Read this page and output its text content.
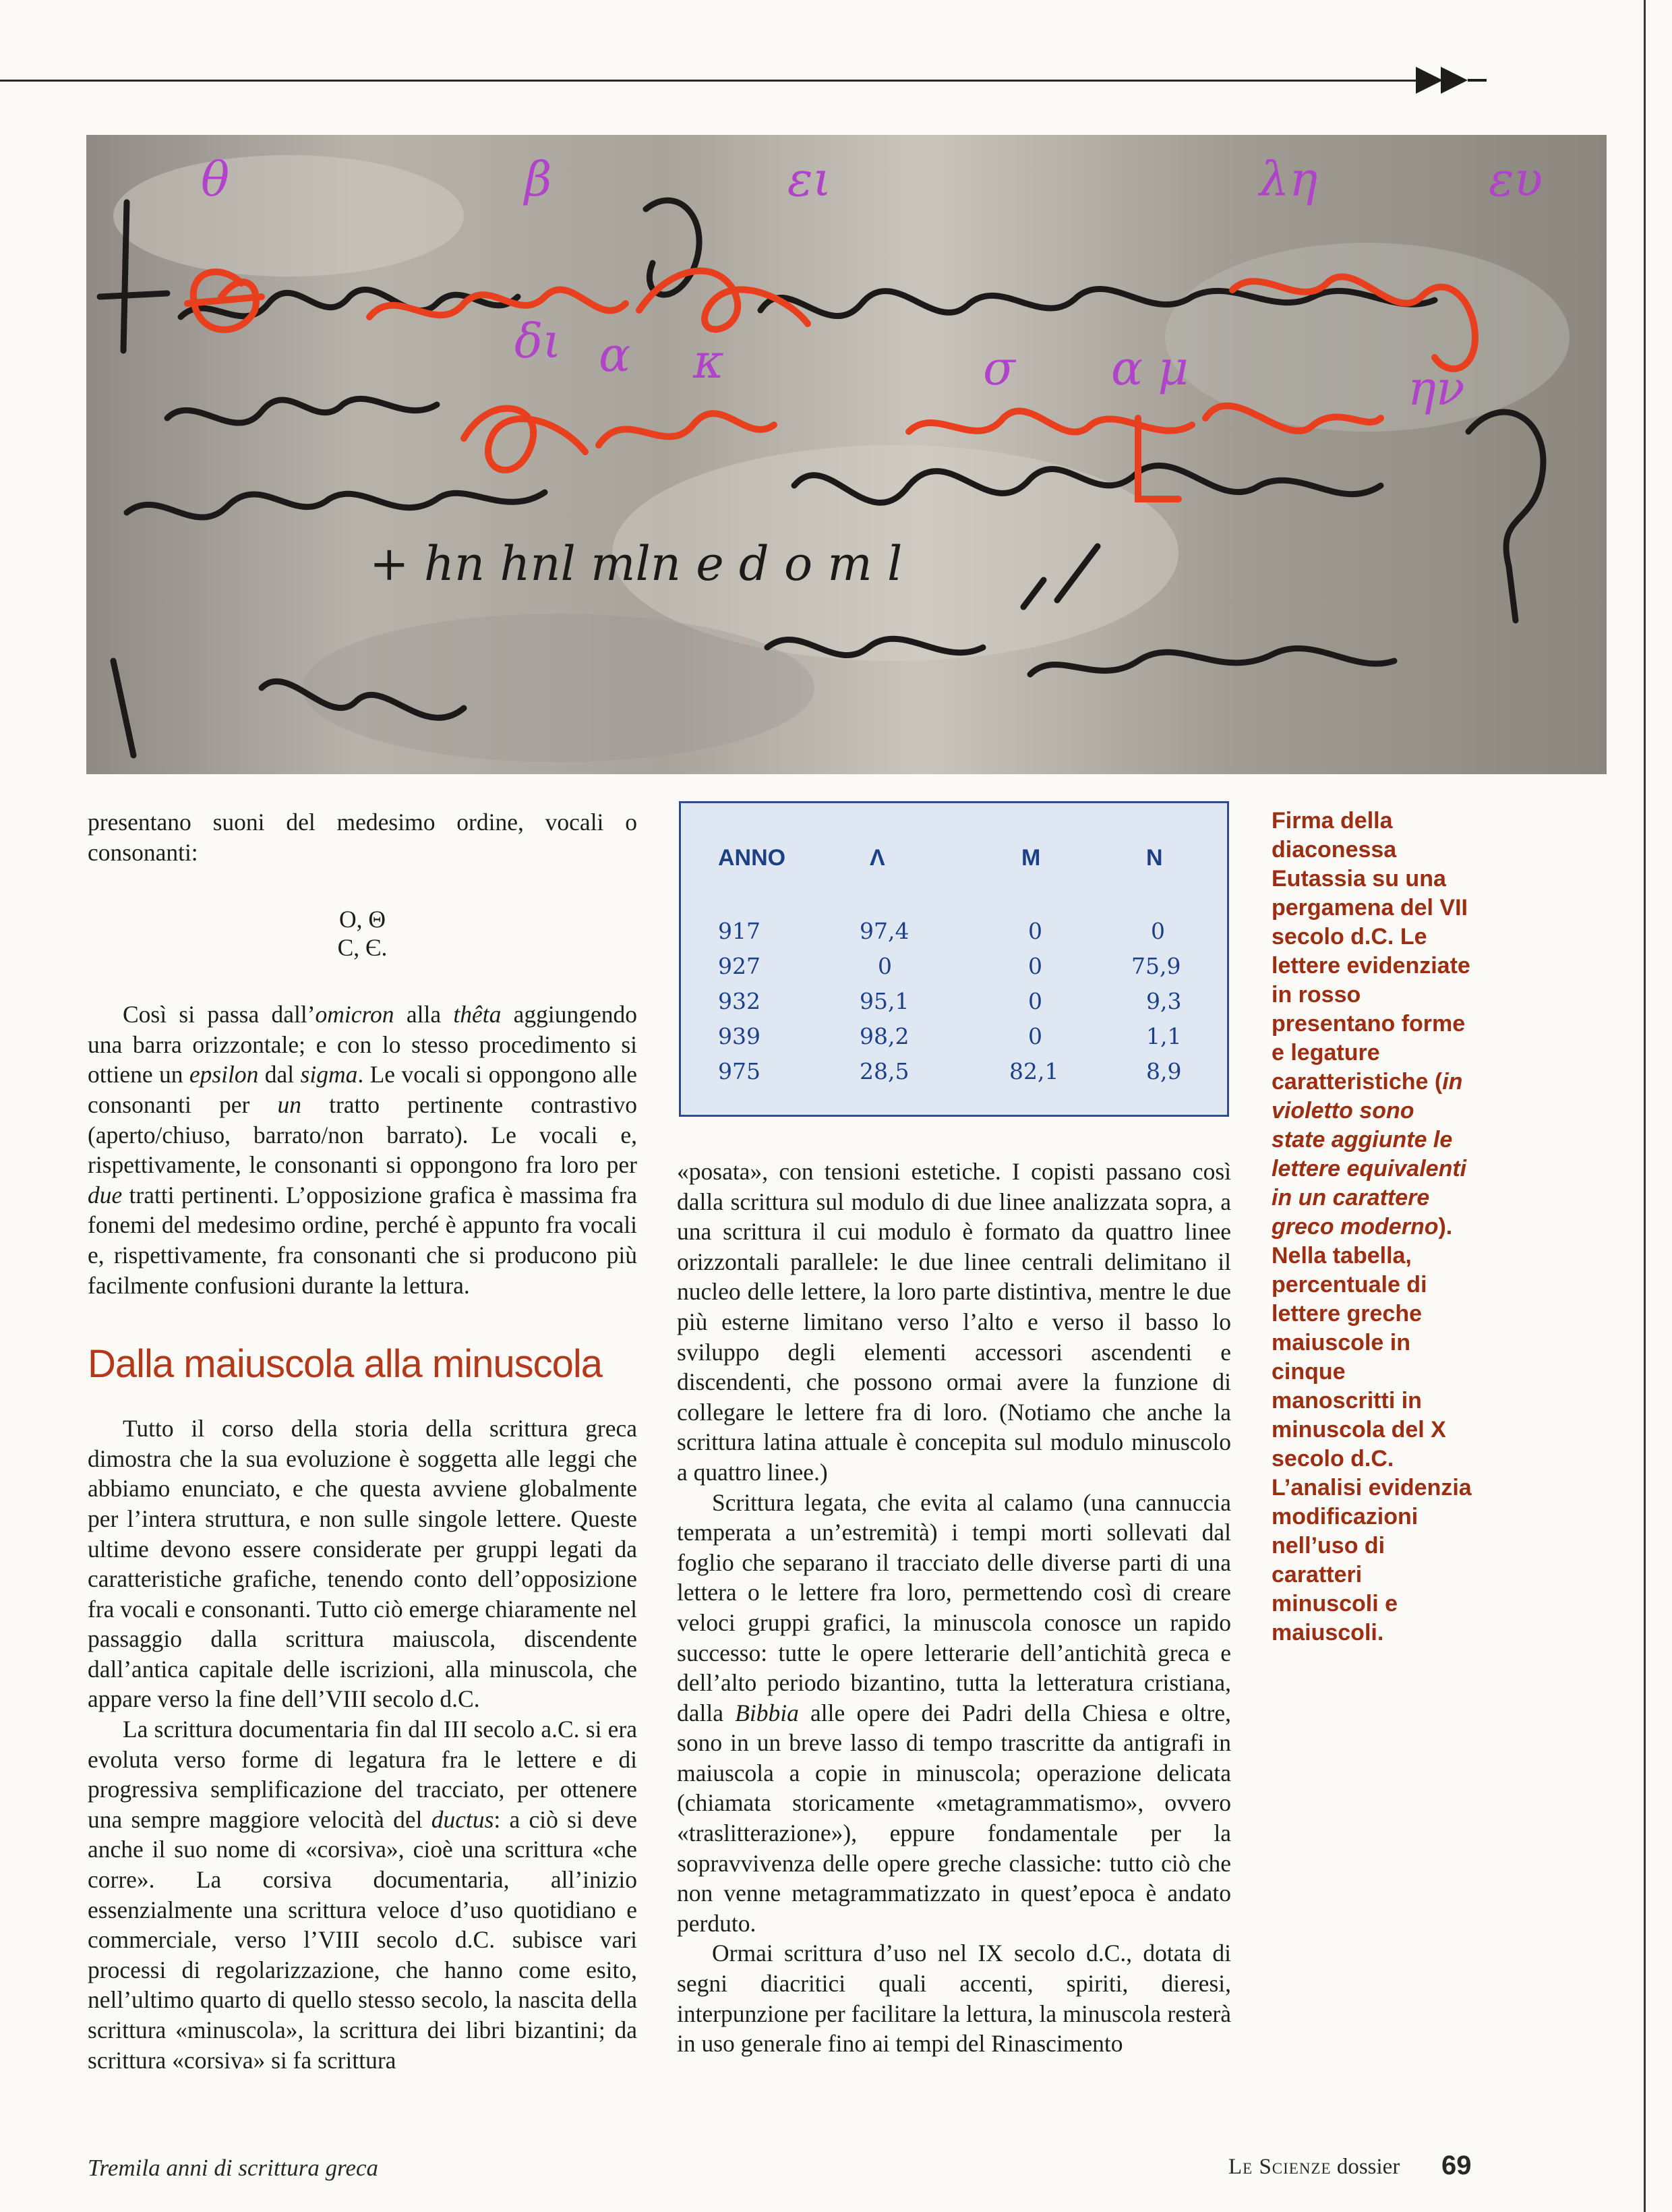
+ hn hnl mln e d o m l
θ	β	ει	λη	ευ
δι α κ	σ α μ	ην

presentano suoni del medesimo ordine, vocali o consonanti:

O, Θ

C, Є.

Così si passa dall’omicron alla thêta aggiungendo una barra orizzontale; e con lo stesso procedimento si ottiene un epsilon dal sigma. Le vocali si oppongono alle consonanti per un tratto pertinente contrastivo (aperto/chiuso, barrato/non barrato). Le vocali e, rispettivamente, le consonanti si oppongono fra loro per due tratti pertinenti. L’opposizione grafica è massima fra fonemi del medesimo ordine, perché è appunto fra vocali e, rispettivamente, fra consonanti che si producono più facilmente confusioni durante la lettura.

Dalla maiuscola alla minuscola

Tutto il corso della storia della scrittura greca dimostra che la sua evoluzione è soggetta alle leggi che abbiamo enunciato, e che questa avviene globalmente per l’intera struttura, e non sulle singole lettere. Queste ultime devono essere considerate per gruppi legati da caratteristiche grafiche, tenendo conto dell’opposizione fra vocali e consonanti. Tutto ciò emerge chiaramente nel passaggio dalla scrittura maiuscola, discendente dall’antica capitale delle iscrizioni, alla minuscola, che appare verso la fine dell’VIII secolo d.C.

La scrittura documentaria fin dal III secolo a.C. si era evoluta verso forme di legatura fra le lettere e di progressiva semplificazione del tracciato, per ottenere una sempre maggiore velocità del ductus: a ciò si deve anche il suo nome di «corsiva», cioè una scrittura «che corre». La corsiva documentaria, all’inizio essenzialmente una scrittura veloce d’uso quotidiano e commerciale, verso l’VIII secolo d.C. subisce vari processi di regolarizzazione, che hanno come esito, nell’ultimo quarto di quello stesso secolo, la nascita della scrittura «minuscola», la scrittura dei libri bizantini; da scrittura «corsiva» si fa scrittura

ANNO	Λ	M	N
917	97,4	0	0
927	0	0	75,9
932	95,1	0	9,3
939	98,2	0	1,1
975	28,5	82,1	8,9

«posata», con tensioni estetiche. I copisti passano così dalla scrittura sul modulo di due linee analizzata sopra, a una scrittura il cui modulo è formato da quattro linee orizzontali parallele: le due linee centrali delimitano il nucleo delle lettere, la loro parte distintiva, mentre le due più esterne limitano verso l’alto e verso il basso lo sviluppo degli elementi accessori ascendenti e discendenti, che possono ormai avere la funzione di collegare le lettere fra di loro. (Notiamo che anche la scrittura latina attuale è concepita sul modulo minuscolo a quattro linee.)

Scrittura legata, che evita al calamo (una cannuccia temperata a un’estremità) i tempi morti sollevati dal foglio che separano il tracciato delle diverse parti di una lettera o le lettere fra loro, permettendo così di creare veloci gruppi grafici, la minuscola conosce un rapido successo: tutte le opere letterarie dell’antichità greca e dell’alto periodo bizantino, tutta la letteratura cristiana, dalla Bibbia alle opere dei Padri della Chiesa e oltre, sono in un breve lasso di tempo trascritte da antigrafi in maiuscola a copie in minuscola; operazione delicata (chiamata storicamente «metagrammatismo», ovvero «traslitterazione»), eppure fondamentale per la sopravvivenza delle opere greche classiche: tutto ciò che non venne metagrammatizzato in quest’epoca è andato perduto.

Ormai scrittura d’uso nel IX secolo d.C., dotata di segni diacritici quali accenti, spiriti, dieresi, interpunzione per facilitare la lettura, la minuscola resterà in uso generale fino ai tempi del Rinascimento

Firma della diaconessa Eutassia su una pergamena del VII secolo d.C. Le lettere evidenziate in rosso presentano forme e legature caratteristiche (in violetto sono state aggiunte le lettere equivalenti in un carattere greco moderno). Nella tabella, percentuale di lettere greche maiuscole in cinque manoscritti in minuscola del X secolo d.C. L’analisi evidenzia modificazioni nell’uso di caratteri minuscoli e maiuscoli.
Tremila anni di scrittura greca	Le Scienze dossier 69
